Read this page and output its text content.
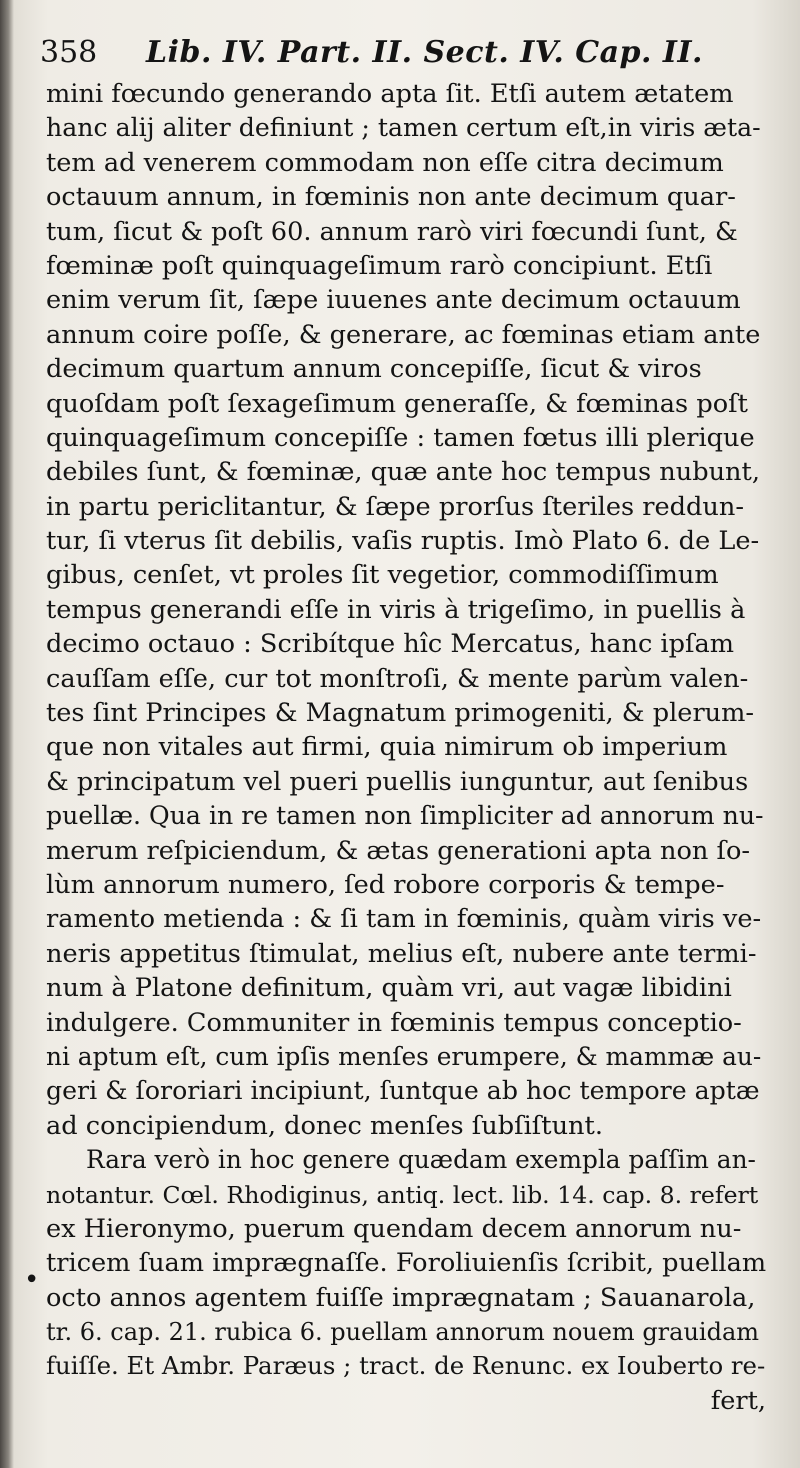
358 Lib. IV. Part. II. Sect. IV. Cap. II.
•
mini fœcundo generando apta ſit. Etſi autem ætatem
hanc alij aliter definiunt ; tamen certum eſt,in viris æta-
tem ad venerem commodam non eſſe citra decimum
octauum annum, in fœminis non ante decimum quar-
tum, ſicut & poſt 60. annum rarò viri fœcundi ſunt, &
fœminæ poſt quinquageſimum rarò concipiunt. Etſi
enim verum ſit, ſæpe iuuenes ante decimum octauum
annum coire poſſe, & generare, ac fœminas etiam ante
decimum quartum annum concepiſſe, ſicut & viros
quoſdam poſt ſexageſimum generaſſe, & fœminas poſt
quinquageſimum concepiſſe : tamen fœtus illi plerique
debiles ſunt, & fœminæ, quæ ante hoc tempus nubunt,
in partu periclitantur, & ſæpe prorſus ſteriles reddun-
tur, ſi vterus ſit debilis, vaſis ruptis. Imò Plato 6. de Le-
gibus, cenſet, vt proles ſit vegetior, commodiſſimum
tempus generandi eſſe in viris à trigeſimo, in puellis à
decimo octauo : Scribítque hîc Mercatus, hanc ipſam
cauſſam eſſe, cur tot monſtroſi, & mente parùm valen-
tes ſint Principes & Magnatum primogeniti, & plerum-
que non vitales aut firmi, quia nimirum ob imperium
& principatum vel pueri puellis iunguntur, aut ſenibus
puellæ. Qua in re tamen non ſimpliciter ad annorum nu-
merum reſpiciendum, & ætas generationi apta non ſo-
lùm annorum numero, ſed robore corporis & tempe-
ramento metienda : & ſi tam in fœminis, quàm viris ve-
neris appetitus ſtimulat, melius eſt, nubere ante termi-
num à Platone definitum, quàm vri, aut vagæ libidini
indulgere. Communiter in fœminis tempus conceptio-
ni aptum eſt, cum ipſis menſes erumpere, & mammæ au-
geri & ſororiari incipiunt, ſuntque ab hoc tempore aptæ
ad concipiendum, donec menſes ſubſiſtunt.
Rara verò in hoc genere quædam exempla paſſim an-
notantur. Cœl. Rhodiginus, antiq. lect. lib. 14. cap. 8. refert
ex Hieronymo, puerum quendam decem annorum nu-
tricem ſuam imprægnaſſe. Foroliuienſis ſcribit, puellam
octo annos agentem fuiſſe imprægnatam ; Sauanarola,
tr. 6. cap. 21. rubica 6. puellam annorum nouem grauidam
fuiſſe. Et Ambr. Paræus ; tract. de Renunc. ex Iouberto re-
fert,
